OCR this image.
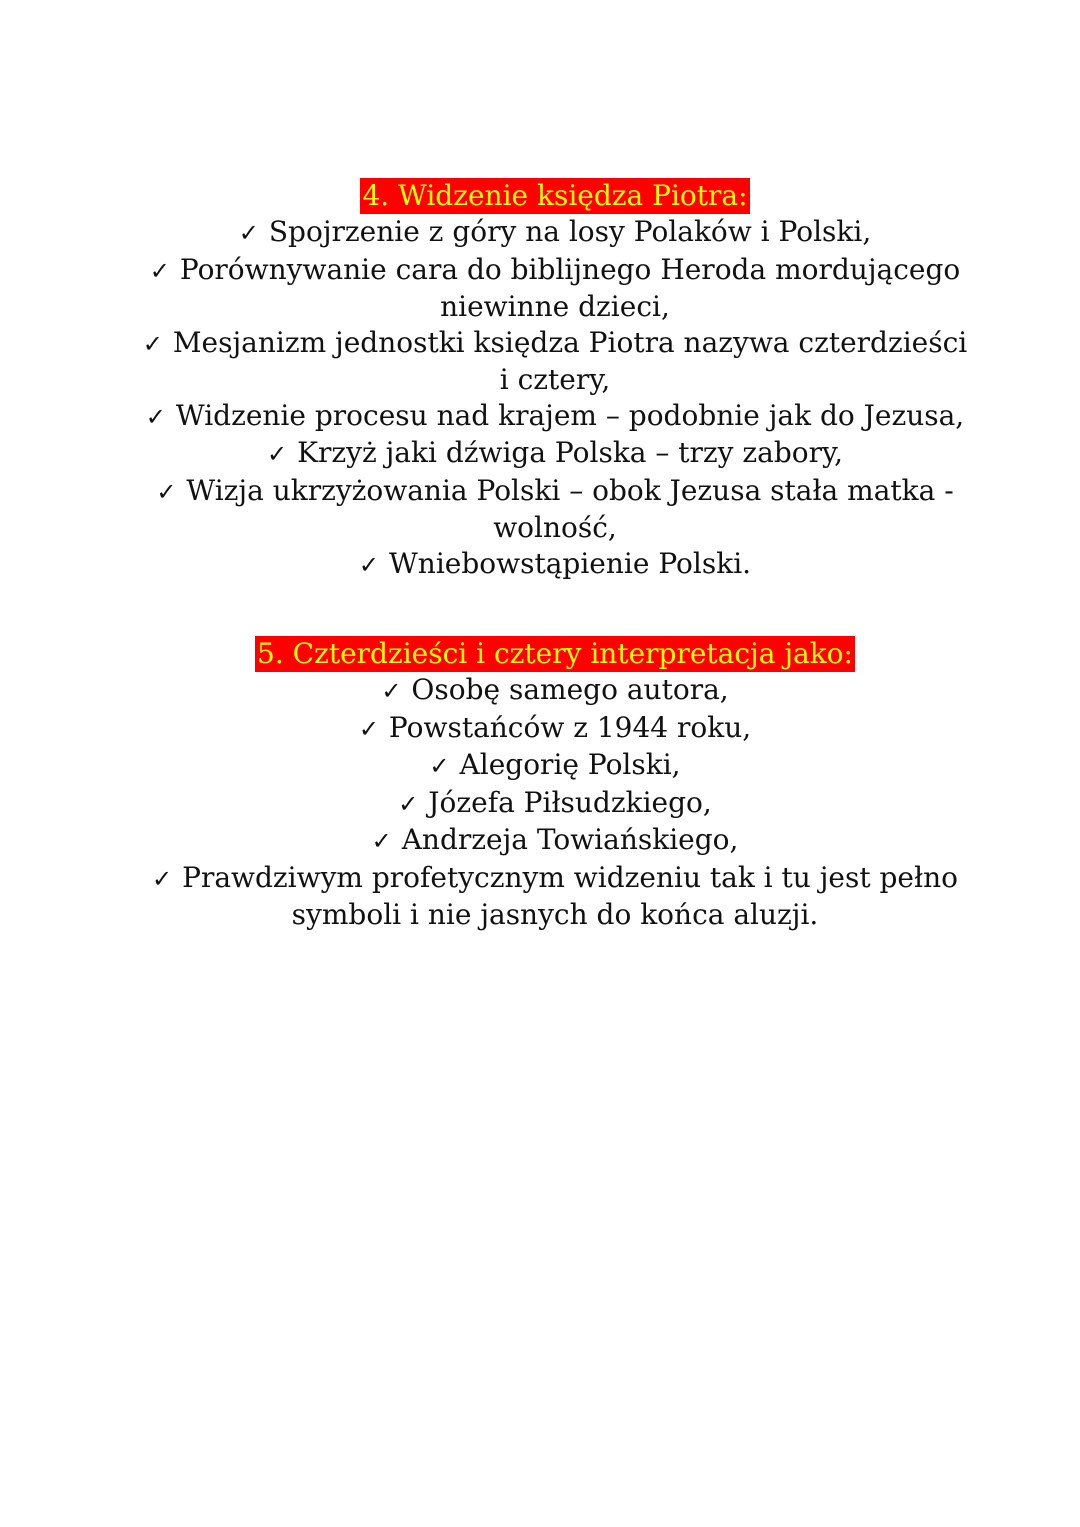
4. Widzenie księdza Piotra:
✓ Spojrzenie z góry na losy Polaków i Polski,
✓ Porównywanie cara do biblijnego Heroda mordującego niewinne dzieci,
✓ Mesjanizm jednostki księdza Piotra nazywa czterdzieści i cztery,
✓ Widzenie procesu nad krajem – podobnie jak do Jezusa,
✓ Krzyż jaki dźwiga Polska – trzy zabory,
✓ Wizja ukrzyżowania Polski – obok Jezusa stała matka - wolność,
✓ Wniebowstąpienie Polski.
5. Czterdzieści i cztery interpretacja jako:
✓ Osobę samego autora,
✓ Powstańców z 1944 roku,
✓ Alegorię Polski,
✓ Józefa Piłsudzkiego,
✓ Andrzeja Towiańskiego,
✓ Prawdziwym profetycznym widzeniu tak i tu jest pełno symboli i nie jasnych do końca aluzji.
